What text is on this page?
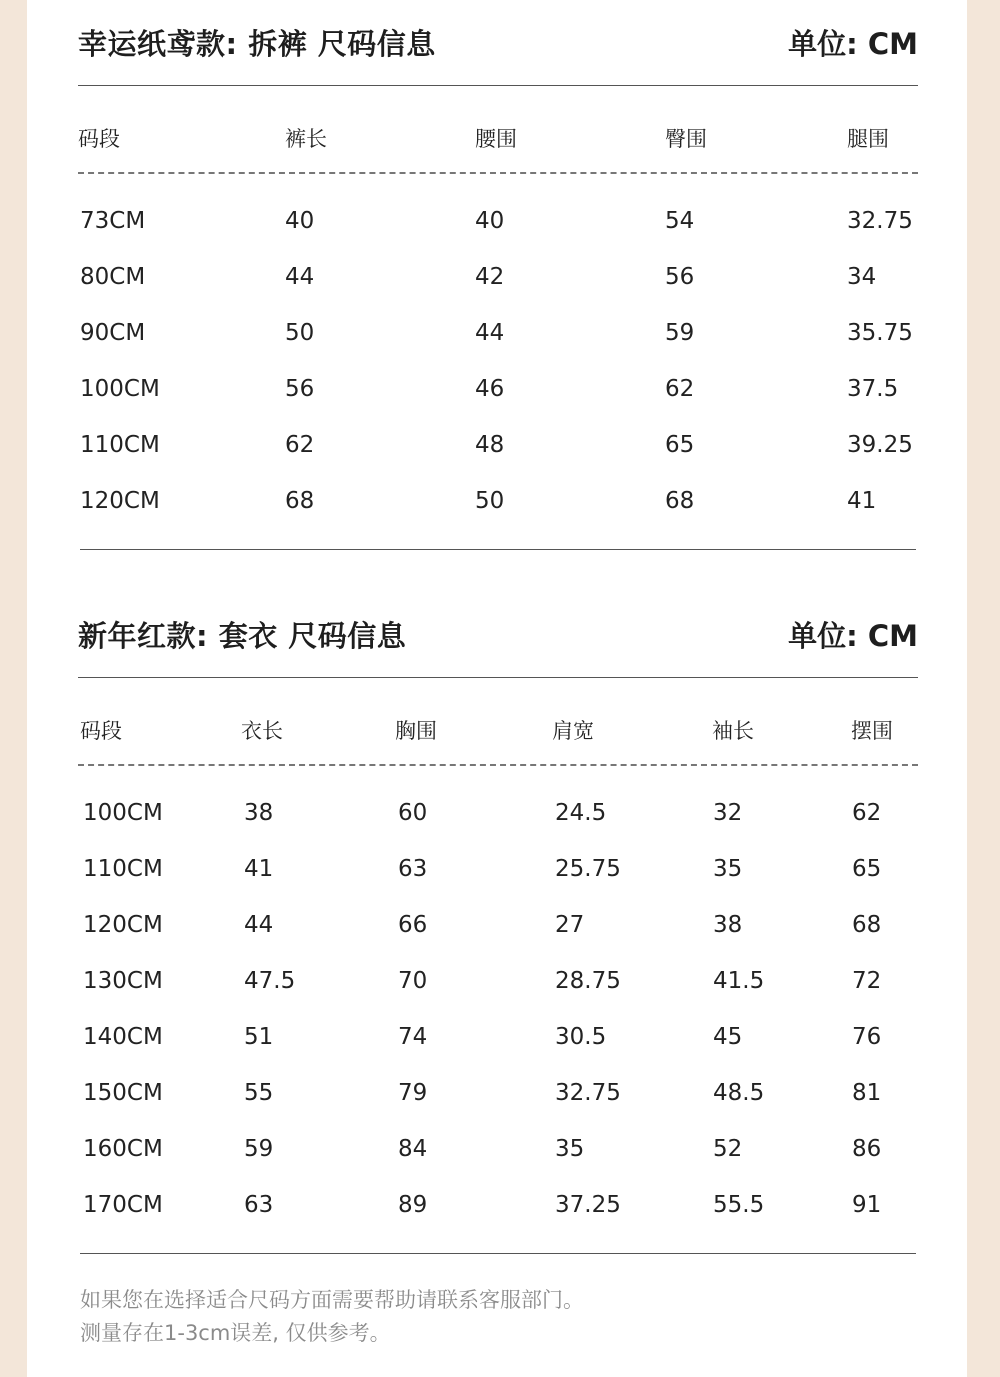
幸运纸鸢款: 拆裤 尺码信息	单位: CM
码段	裤长	腰围	臀围	腿围
73CM	40	40	54	32.75
80CM	44	42	56	34
90CM	50	44	59	35.75
100CM	56	46	62	37.5
110CM	62	48	65	39.25
120CM	68	50	68	41
新年红款: 套衣 尺码信息	单位: CM
码段	衣长	胸围	肩宽	袖长	摆围
100CM	38	60	24.5	32	62
110CM	41	63	25.75	35	65
120CM	44	66	27	38	68
130CM	47.5	70	28.75	41.5	72
140CM	51	74	30.5	45	76
150CM	55	79	32.75	48.5	81
160CM	59	84	35	52	86
170CM	63	89	37.25	55.5	91
如果您在选择适合尺码方面需要帮助请联系客服部门。
测量存在1-3cm误差, 仅供参考。
